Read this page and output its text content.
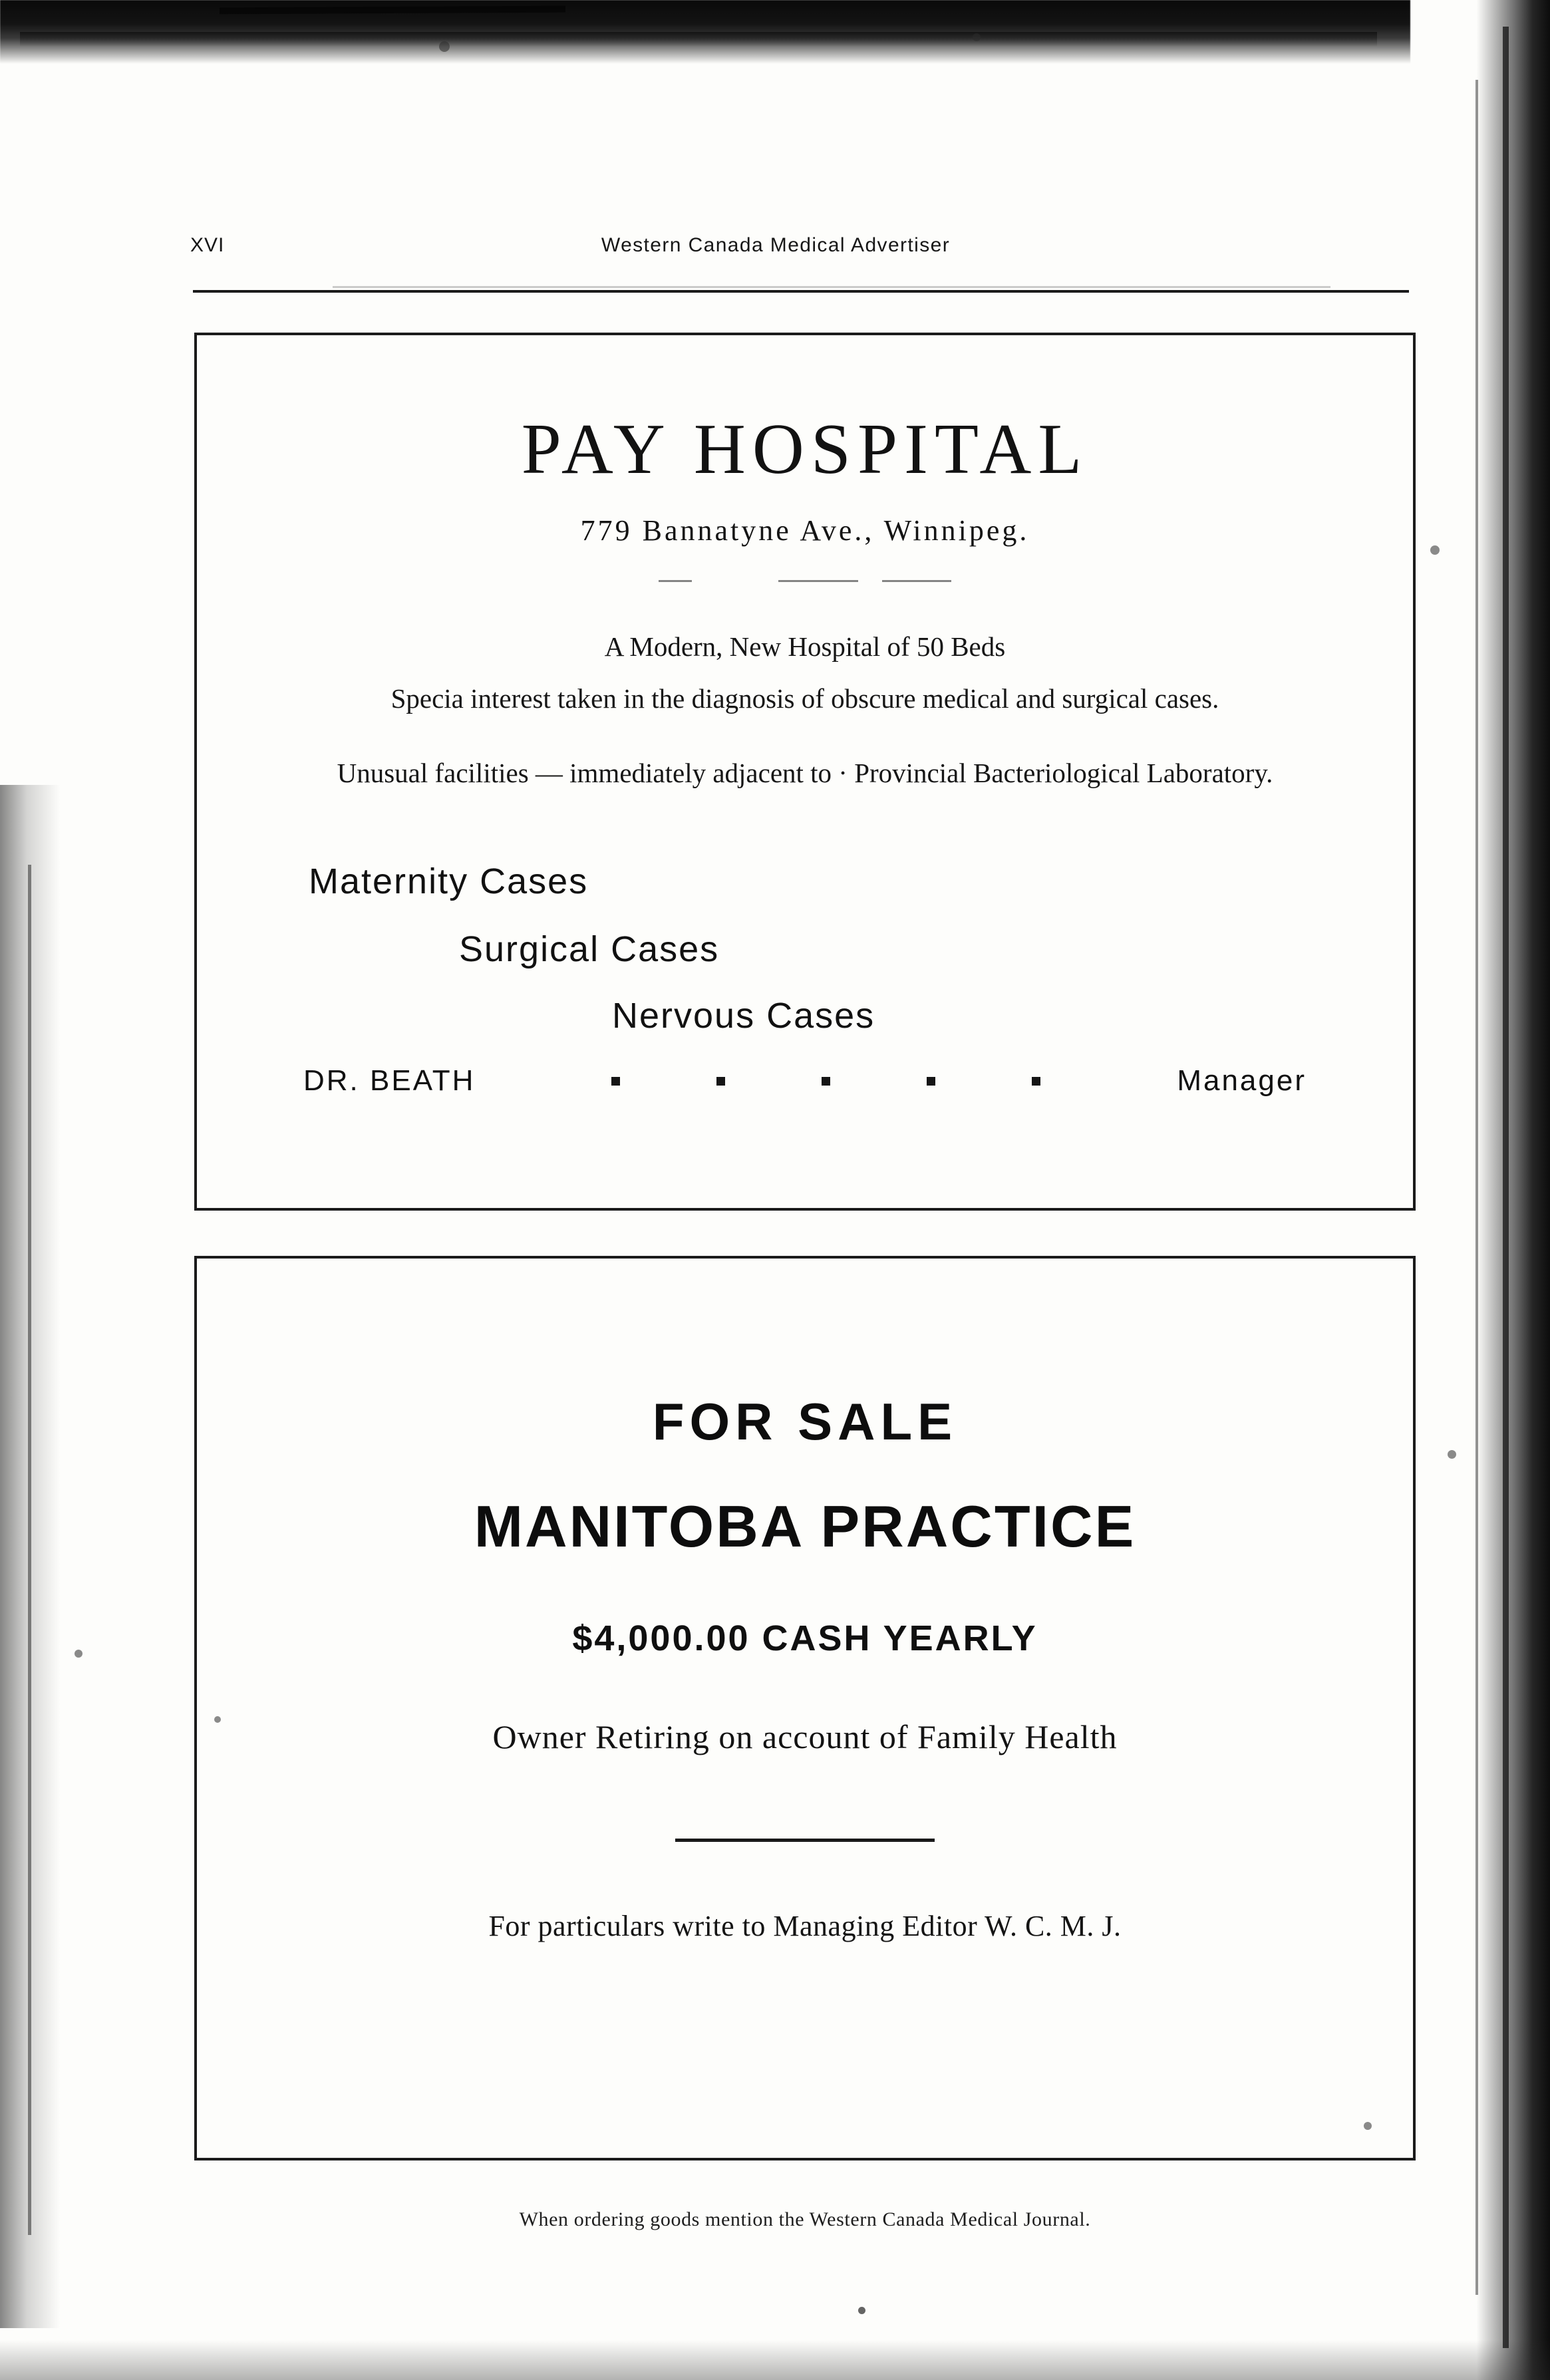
XVI	Western Canada Medical Advertiser
PAY HOSPITAL
779 Bannatyne Ave., Winnipeg.
A Modern, New Hospital of 50 Beds
Specia interest taken in the diagnosis of obscure medical and surgical cases.
Unusual facilities — immediately adjacent to · Provincial Bacteriological Laboratory.
Maternity Cases
Surgical Cases
Nervous Cases
DR. BEATH	Manager
FOR SALE
MANITOBA PRACTICE
$4,000.00 CASH YEARLY
Owner Retiring on account of Family Health
For particulars write to Managing Editor W. C. M. J.
When ordering goods mention the Western Canada Medical Journal.
